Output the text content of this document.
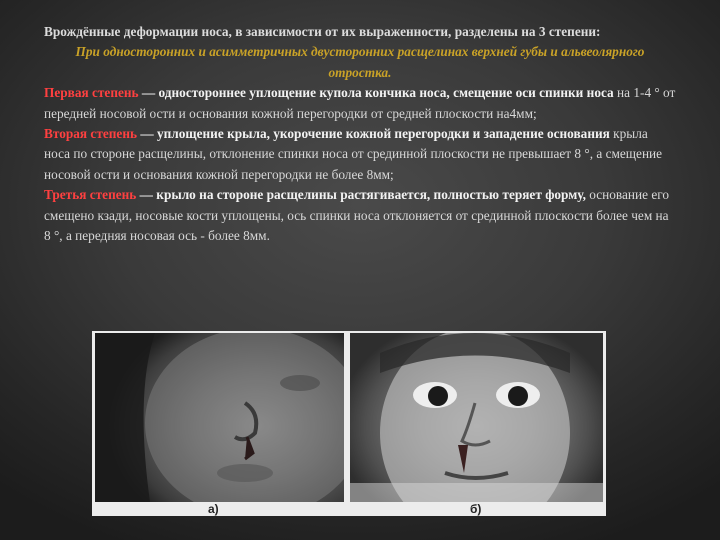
Врождённые деформации носа, в зависимости от их выраженности, разделены на 3 степени:

При односторонних и асимметричных двусторонних расщелинах верхней губы и альвеолярного отростка.

Первая степень — одностороннее уплощение купола кончика носа, смещение оси спинки носа на 1-4 ° от передней носовой ости и основания кожной перегородки от средней плоскости на4мм;

Вторая степень — уплощение крыла, укорочение кожной перегородки и западение основания крыла носа по стороне расщелины, отклонение спинки носа от срединной плоскости не превышает 8 °, а смещение носовой ости и основания кожной перегородки не более 8мм;

Третья степень — крыло на стороне расщелины растягивается, полностью теряет форму, основание его смещено кзади, носовые кости уплощены, ось спинки носа отклоняется от срединной плоскости более чем на 8 °, а передняя носовая ось - более 8мм.

а)	б)
